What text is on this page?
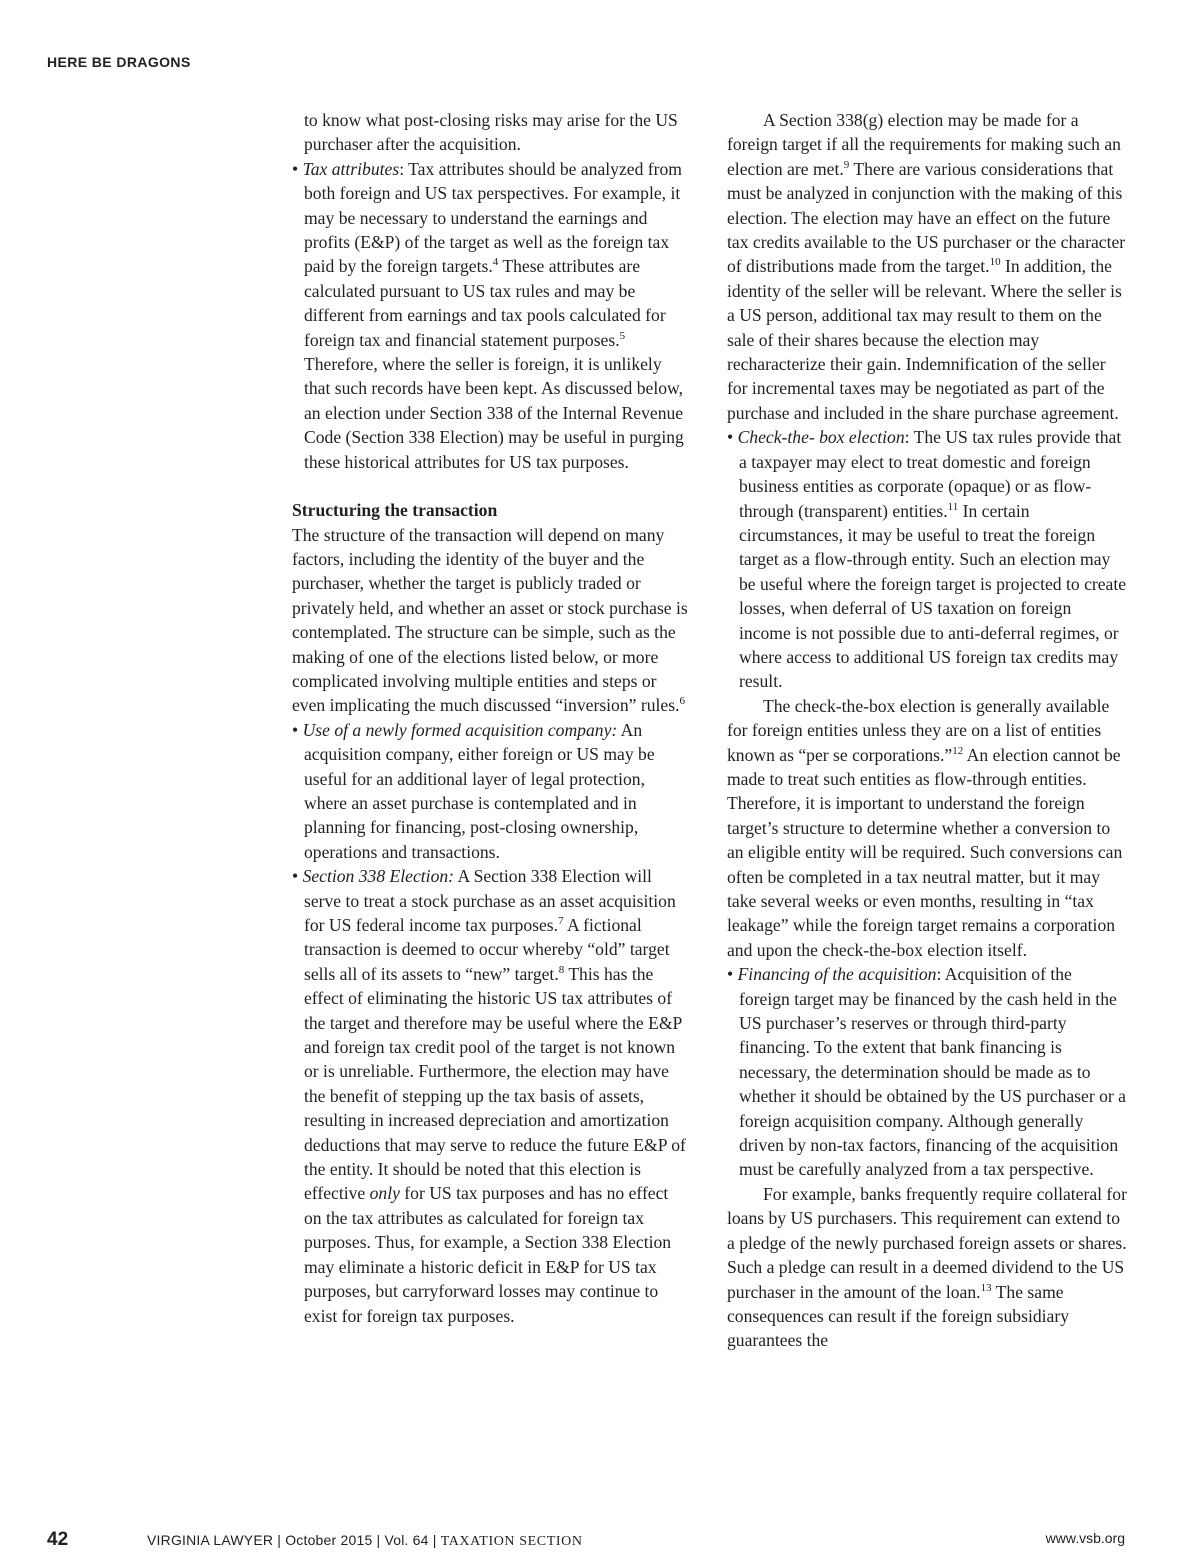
HERE BE DRAGONS

to know what post-closing risks may arise for the US purchaser after the acquisition.

• Tax attributes: Tax attributes should be analyzed from both foreign and US tax perspectives. For example, it may be necessary to understand the earnings and profits (E&P) of the target as well as the foreign tax paid by the foreign targets.$^4$ These attributes are calculated pursuant to US tax rules and may be different from earnings and tax pools calculated for foreign tax and financial statement purposes.$^5$ Therefore, where the seller is foreign, it is unlikely that such records have been kept. As discussed below, an election under Section 338 of the Internal Revenue Code (Section 338 Election) may be useful in purging these historical attributes for US tax purposes.

Structuring the transaction

The structure of the transaction will depend on many factors, including the identity of the buyer and the purchaser, whether the target is publicly traded or privately held, and whether an asset or stock purchase is contemplated. The structure can be simple, such as the making of one of the elections listed below, or more complicated involving multiple entities and steps or even implicating the much discussed “inversion” rules.$^6$

• Use of a newly formed acquisition company: An acquisition company, either foreign or US may be useful for an additional layer of legal protection, where an asset purchase is contemplated and in planning for financing, post-closing ownership, operations and transactions.

• Section 338 Election: A Section 338 Election will serve to treat a stock purchase as an asset acquisition for US federal income tax purposes.$^7$ A fictional transaction is deemed to occur whereby “old” target sells all of its assets to “new” target.$^8$ This has the effect of eliminating the historic US tax attributes of the target and therefore may be useful where the E&P and foreign tax credit pool of the target is not known or is unreliable. Furthermore, the election may have the benefit of stepping up the tax basis of assets, resulting in increased depreciation and amortization deductions that may serve to reduce the future E&P of the entity. It should be noted that this election is effective only for US tax purposes and has no effect on the tax attributes as calculated for foreign tax purposes. Thus, for example, a Section 338 Election may eliminate a historic deficit in E&P for US tax purposes, but carryforward losses may continue to exist for foreign tax purposes.

A Section 338(g) election may be made for a foreign target if all the requirements for making such an election are met.$^9$ There are various considerations that must be analyzed in conjunction with the making of this election. The election may have an effect on the future tax credits available to the US purchaser or the character of distributions made from the target.$^{10}$ In addition, the identity of the seller will be relevant. Where the seller is a US person, additional tax may result to them on the sale of their shares because the election may recharacterize their gain. Indemnification of the seller for incremental taxes may be negotiated as part of the purchase and included in the share purchase agreement.

• Check-the- box election: The US tax rules provide that a taxpayer may elect to treat domestic and foreign business entities as corporate (opaque) or as flow-through (transparent) entities.$^{11}$ In certain circumstances, it may be useful to treat the foreign target as a flow-through entity. Such an election may be useful where the foreign target is projected to create losses, when deferral of US taxation on foreign income is not possible due to anti-deferral regimes, or where access to additional US foreign tax credits may result.

The check-the-box election is generally available for foreign entities unless they are on a list of entities known as “per se corporations.”$^{12}$ An election cannot be made to treat such entities as flow-through entities. Therefore, it is important to understand the foreign target’s structure to determine whether a conversion to an eligible entity will be required. Such conversions can often be completed in a tax neutral matter, but it may take several weeks or even months, resulting in “tax leakage” while the foreign target remains a corporation and upon the check-the-box election itself.

• Financing of the acquisition: Acquisition of the foreign target may be financed by the cash held in the US purchaser’s reserves or through third-party financing. To the extent that bank financing is necessary, the determination should be made as to whether it should be obtained by the US purchaser or a foreign acquisition company. Although generally driven by non-tax factors, financing of the acquisition must be carefully analyzed from a tax perspective.

For example, banks frequently require collateral for loans by US purchasers. This requirement can extend to a pledge of the newly purchased foreign assets or shares. Such a pledge can result in a deemed dividend to the US purchaser in the amount of the loan.$^{13}$ The same consequences can result if the foreign subsidiary guarantees the

42	VIRGINIA LAWYER | October 2015 | Vol. 64 | TAXATION SECTION	www.vsb.org
